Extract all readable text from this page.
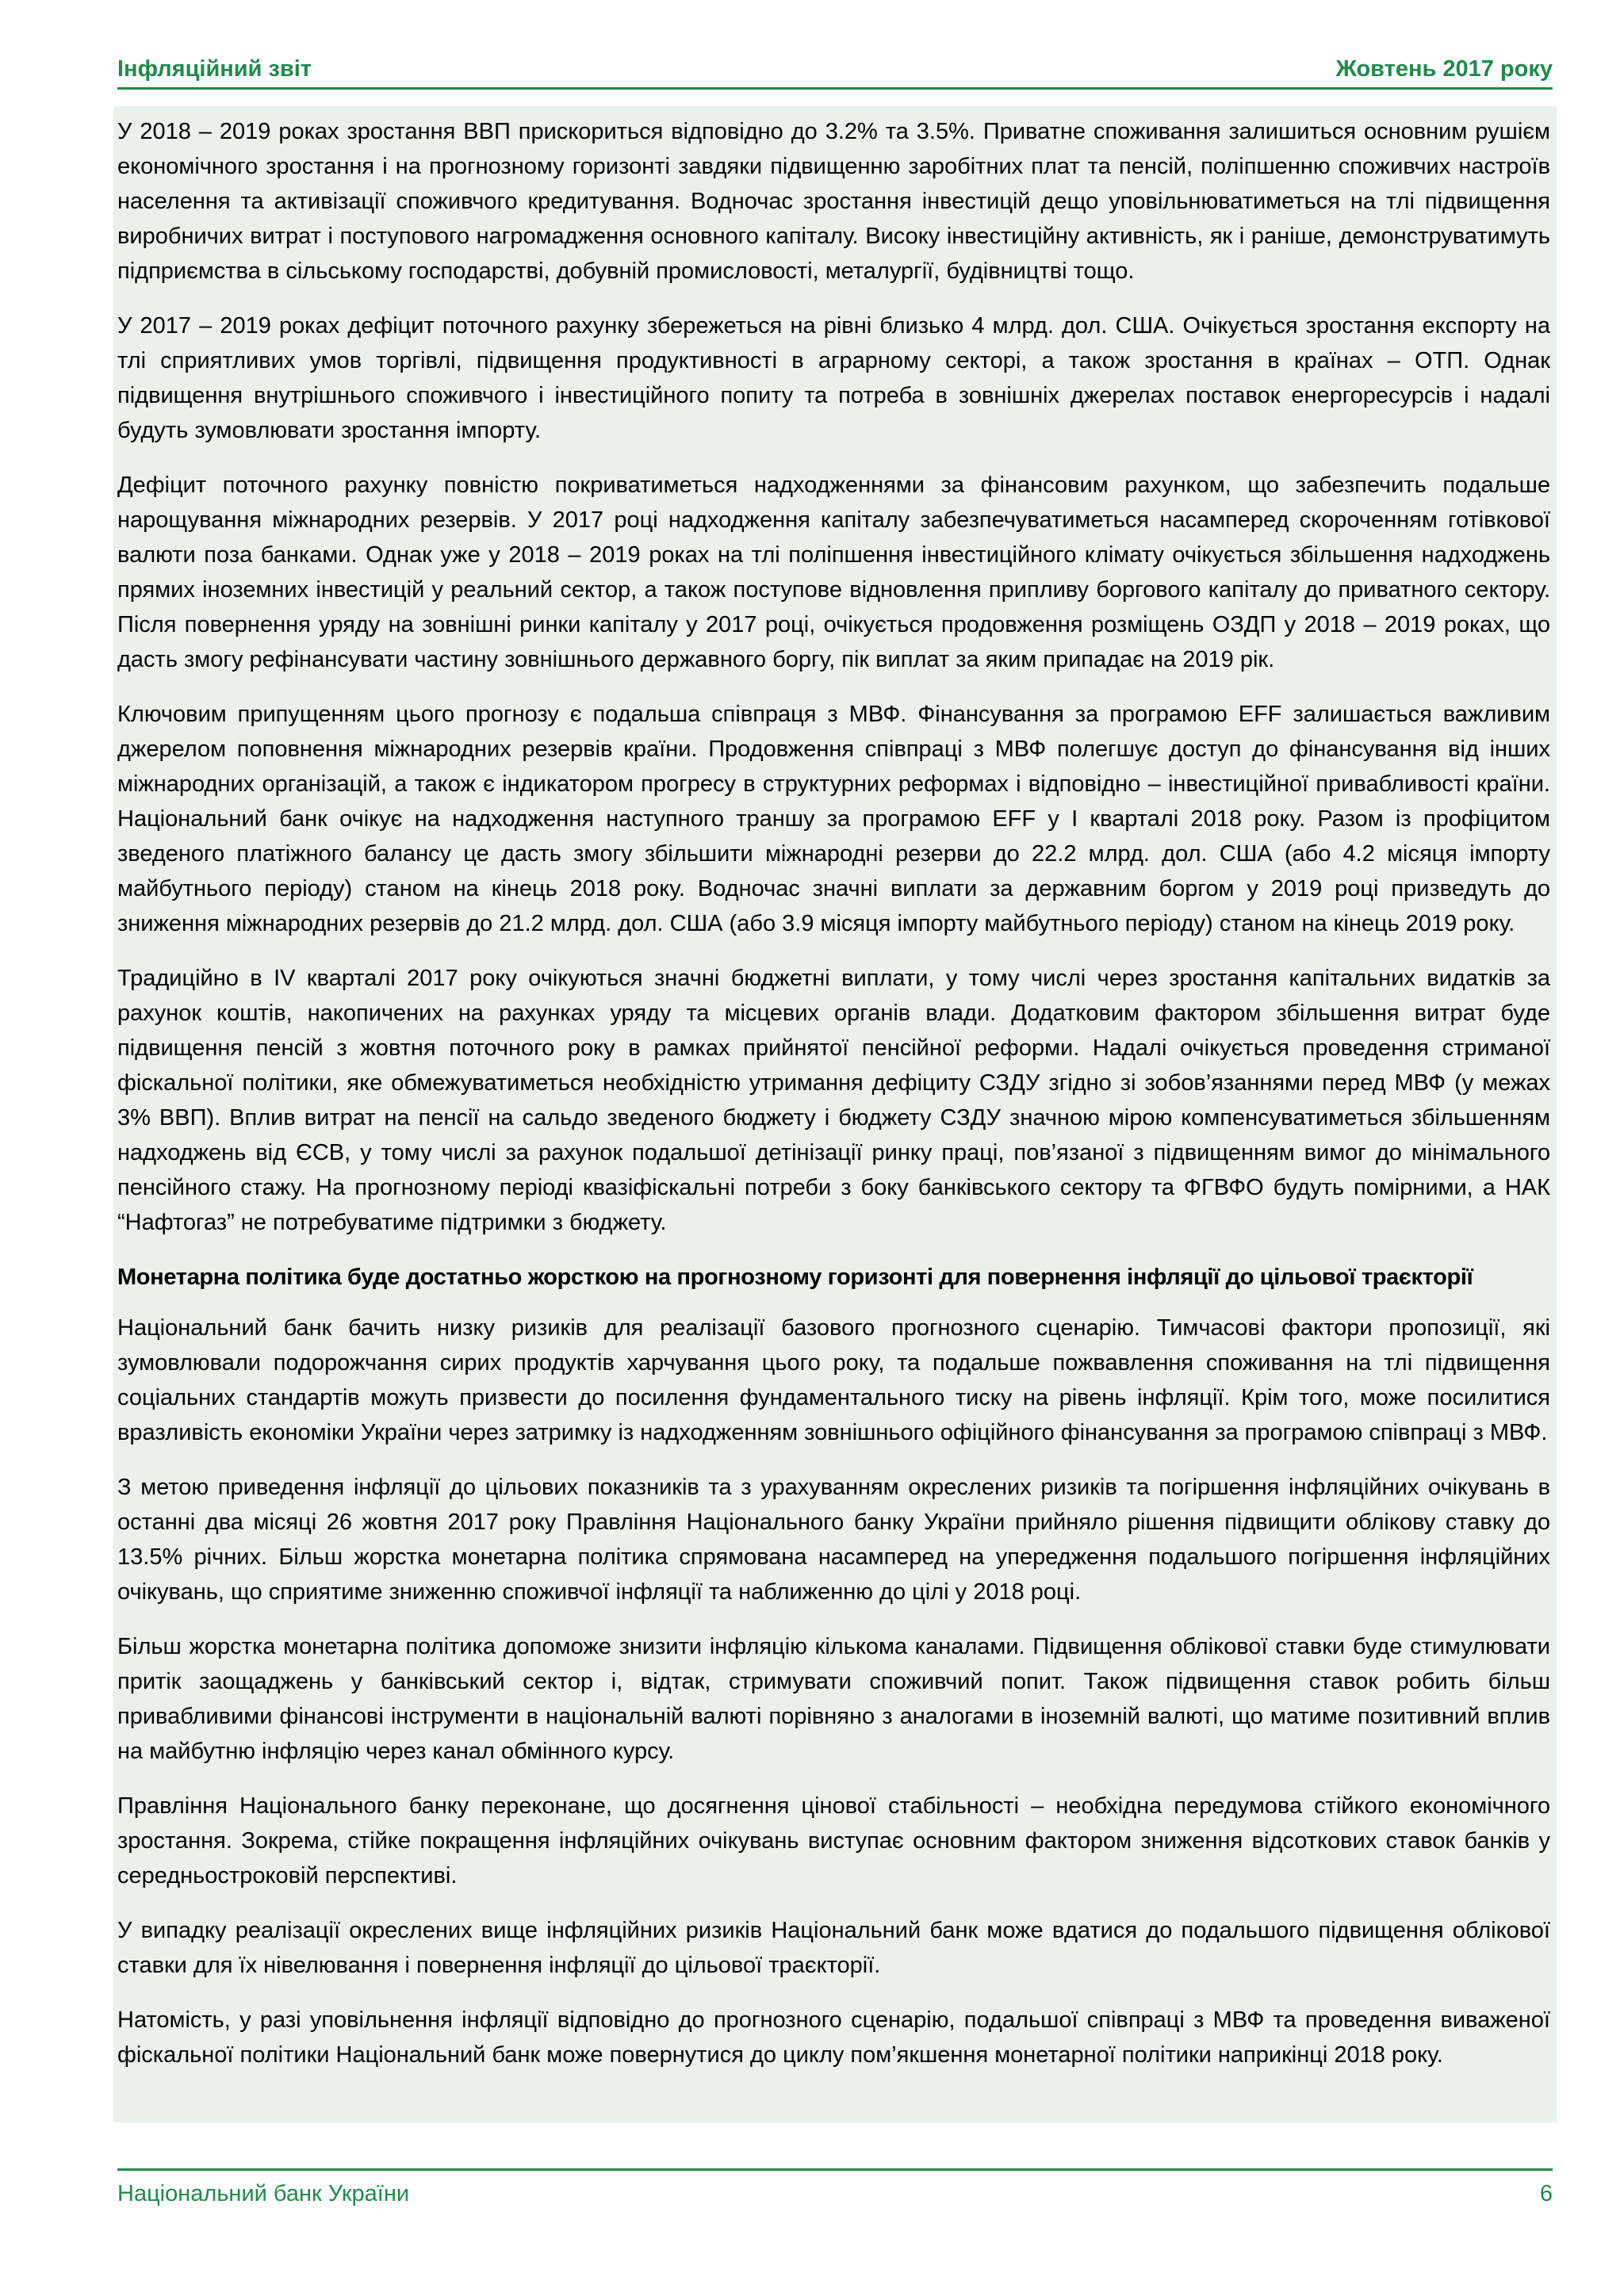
Інфляційний звіт	Жовтень 2017 року

У 2018 – 2019 роках зростання ВВП прискориться відповідно до 3.2% та 3.5%. Приватне споживання залишиться основним рушієм економічного зростання і на прогнозному горизонті завдяки підвищенню заробітних плат та пенсій, поліпшенню споживчих настроїв населення та активізації споживчого кредитування. Водночас зростання інвестицій дещо уповільнюватиметься на тлі підвищення виробничих витрат і поступового нагромадження основного капіталу. Високу інвестиційну активність, як і раніше, демонструватимуть підприємства в сільському господарстві, добувній промисловості, металургії, будівництві тощо.

У 2017 – 2019 роках дефіцит поточного рахунку збережеться на рівні близько 4 млрд. дол. США. Очікується зростання експорту на тлі сприятливих умов торгівлі, підвищення продуктивності в аграрному секторі, а також зростання в країнах – ОТП. Однак підвищення внутрішнього споживчого і інвестиційного попиту та потреба в зовнішніх джерелах поставок енергоресурсів і надалі будуть зумовлювати зростання імпорту.

Дефіцит поточного рахунку повністю покриватиметься надходженнями за фінансовим рахунком, що забезпечить подальше нарощування міжнародних резервів. У 2017 році надходження капіталу забезпечуватиметься насамперед скороченням готівкової валюти поза банками. Однак уже у 2018 – 2019 роках на тлі поліпшення інвестиційного клімату очікується збільшення надходжень прямих іноземних інвестицій у реальний сектор, а також поступове відновлення припливу боргового капіталу до приватного сектору. Після повернення уряду на зовнішні ринки капіталу у 2017 році, очікується продовження розміщень ОЗДП у 2018 – 2019 роках, що дасть змогу рефінансувати частину зовнішнього державного боргу, пік виплат за яким припадає на 2019 рік.

Ключовим припущенням цього прогнозу є подальша співпраця з МВФ. Фінансування за програмою EFF залишається важливим джерелом поповнення міжнародних резервів країни. Продовження співпраці з МВФ полегшує доступ до фінансування від інших міжнародних організацій, а також є індикатором прогресу в структурних реформах і відповідно – інвестиційної привабливості країни. Національний банк очікує на надходження наступного траншу за програмою EFF у І кварталі 2018 року. Разом із профіцитом зведеного платіжного балансу це дасть змогу збільшити міжнародні резерви до 22.2 млрд. дол. США (або 4.2 місяця імпорту майбутнього періоду) станом на кінець 2018 року. Водночас значні виплати за державним боргом у 2019 році призведуть до зниження міжнародних резервів до 21.2 млрд. дол. США (або 3.9 місяця імпорту майбутнього періоду) станом на кінець 2019 року.

Традиційно в IV кварталі 2017 року очікуються значні бюджетні виплати, у тому числі через зростання капітальних видатків за рахунок коштів, накопичених на рахунках уряду та місцевих органів влади. Додатковим фактором збільшення витрат буде підвищення пенсій з жовтня поточного року в рамках прийнятої пенсійної реформи. Надалі очікується проведення стриманої фіскальної політики, яке обмежуватиметься необхідністю утримання дефіциту СЗДУ згідно зі зобов’язаннями перед МВФ (у межах 3% ВВП). Вплив витрат на пенсії на сальдо зведеного бюджету і бюджету СЗДУ значною мірою компенсуватиметься збільшенням надходжень від ЄСВ, у тому числі за рахунок подальшої детінізації ринку праці, пов’язаної з підвищенням вимог до мінімального пенсійного стажу. На прогнозному періоді квазіфіскальні потреби з боку банківського сектору та ФГВФО будуть помірними, а НАК “Нафтогаз” не потребуватиме підтримки з бюджету.

Монетарна політика буде достатньо жорсткою на прогнозному горизонті для повернення інфляції до цільової траєкторії

Національний банк бачить низку ризиків для реалізації базового прогнозного сценарію. Тимчасові фактори пропозиції, які зумовлювали подорожчання сирих продуктів харчування цього року, та подальше пожвавлення споживання на тлі підвищення соціальних стандартів можуть призвести до посилення фундаментального тиску на рівень інфляції. Крім того, може посилитися вразливість економіки України через затримку із надходженням зовнішнього офіційного фінансування за програмою співпраці з МВФ.

З метою приведення інфляції до цільових показників та з урахуванням окреслених ризиків та погіршення інфляційних очікувань в останні два місяці 26 жовтня 2017 року Правління Національного банку України прийняло рішення підвищити облікову ставку до 13.5% річних. Більш жорстка монетарна політика спрямована насамперед на упередження подальшого погіршення інфляційних очікувань, що сприятиме зниженню споживчої інфляції та наближенню до цілі у 2018 році.

Більш жорстка монетарна політика допоможе знизити інфляцію кількома каналами. Підвищення облікової ставки буде стимулювати притік заощаджень у банківський сектор і, відтак, стримувати споживчий попит. Також підвищення ставок робить більш привабливими фінансові інструменти в національній валюті порівняно з аналогами в іноземній валюті, що матиме позитивний вплив на майбутню інфляцію через канал обмінного курсу.

Правління Національного банку переконане, що досягнення цінової стабільності – необхідна передумова стійкого економічного зростання. Зокрема, стійке покращення інфляційних очікувань виступає основним фактором зниження відсоткових ставок банків у середньостроковій перспективі.

У випадку реалізації окреслених вище інфляційних ризиків Національний банк може вдатися до подальшого підвищення облікової ставки для їх нівелювання і повернення інфляції до цільової траєкторії.

Натомість, у разі уповільнення інфляції відповідно до прогнозного сценарію, подальшої співпраці з МВФ та проведення виваженої фіскальної політики Національний банк може повернутися до циклу пом’якшення монетарної політики наприкінці 2018 року.

Національний банк України	6
